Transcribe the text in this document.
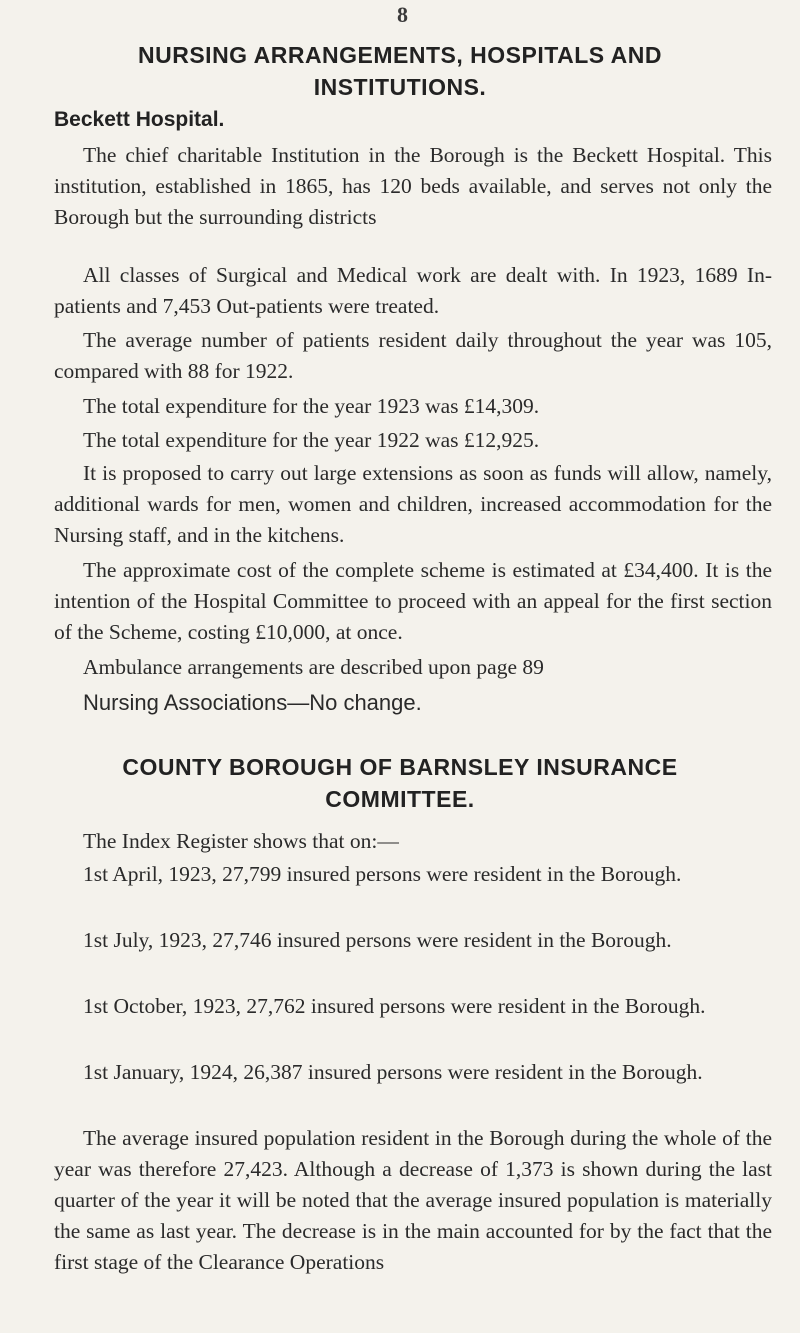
8
NURSING ARRANGEMENTS, HOSPITALS AND
INSTITUTIONS.
Beckett Hospital.

The chief charitable Institution in the Borough is the Beckett Hospital. This institution, established in 1865, has 120 beds available, and serves not only the Borough but the surrounding districts

All classes of Surgical and Medical work are dealt with. In 1923, 1689 In-patients and 7,453 Out-patients were treated.

The average number of patients resident daily throughout the year was 105, compared with 88 for 1922.

The total expenditure for the year 1923 was £14,309.

The total expenditure for the year 1922 was £12,925.

It is proposed to carry out large extensions as soon as funds will allow, namely, additional wards for men, women and children, increased accommodation for the Nursing staff, and in the kitchens.

The approximate cost of the complete scheme is estimated at £34,400. It is the intention of the Hospital Committee to proceed with an appeal for the first section of the Scheme, costing £10,000, at once.

Ambulance arrangements are described upon page 89

Nursing Associations—No change.
COUNTY BOROUGH OF BARNSLEY INSURANCE
COMMITTEE.

The Index Register shows that on:—

1st April, 1923, 27,799 insured persons were resident in the Borough.

1st July, 1923, 27,746 insured persons were resident in the Borough.

1st October, 1923, 27,762 insured persons were resident in the Borough.

1st January, 1924, 26,387 insured persons were resident in the Borough.

The average insured population resident in the Borough during the whole of the year was therefore 27,423. Although a decrease of 1,373 is shown during the last quarter of the year it will be noted that the average insured population is materially the same as last year. The decrease is in the main accounted for by the fact that the first stage of the Clearance Operations
